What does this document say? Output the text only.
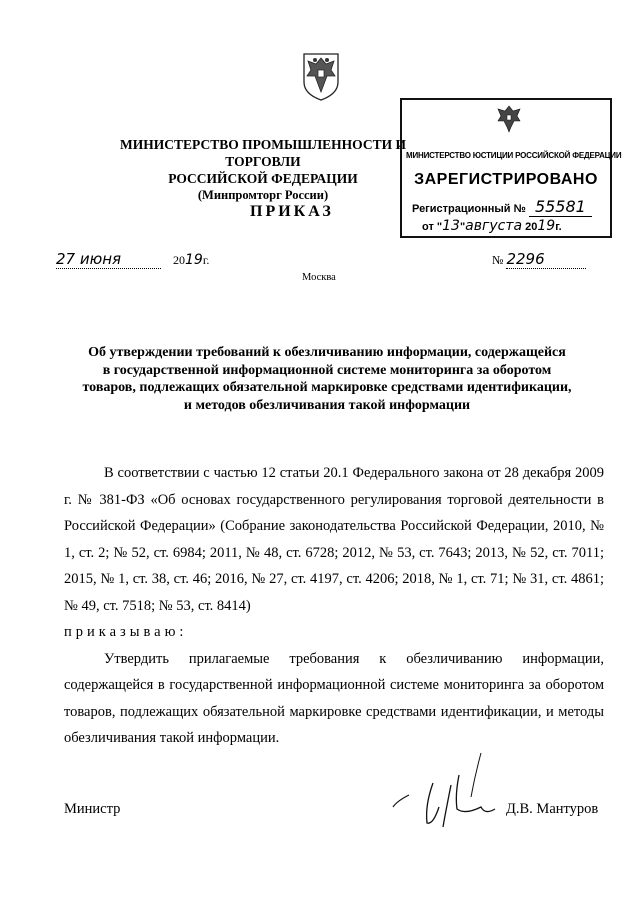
МИНИСТЕРСТВО ПРОМЫШЛЕННОСТИ И ТОРГОВЛИ
РОССИЙСКОЙ ФЕДЕРАЦИИ
(Минпромторг России)
ПРИКАЗ
МИНИСТЕРСТВО ЮСТИЦИИ РОССИЙСКОЙ ФЕДЕРАЦИИ
ЗАРЕГИСТРИРОВАНО
Регистрационный № 55581
от "13"августа 2019г.
27 июня	2019г.	№ 2296
Москва
Об утверждении требований к обезличиванию информации, содержащейся
в государственной информационной системе мониторинга за оборотом
товаров, подлежащих обязательной маркировке средствами идентификации,
и методов обезличивания такой информации

В соответствии с частью 12 статьи 20.1 Федерального закона от 28 декабря 2009 г. № 381-ФЗ «Об основах государственного регулирования торговой деятельности в Российской Федерации» (Собрание законодательства Российской Федерации, 2010, № 1, ст. 2; № 52, ст. 6984; 2011, № 48, ст. 6728; 2012, № 53, ст. 7643; 2013, № 52, ст. 7011; 2015, № 1, ст. 38, ст. 46; 2016, № 27, ст. 4197, ст. 4206; 2018, № 1, ст. 71; № 31, ст. 4861; № 49, ст. 7518; № 53, ст. 8414)

приказываю:

Утвердить прилагаемые требования к обезличиванию информации, содержащейся в государственной информационной системе мониторинга за оборотом товаров, подлежащих обязательной маркировке средствами идентификации, и методы обезличивания такой информации.

Министр	Д.В. Мантуров
